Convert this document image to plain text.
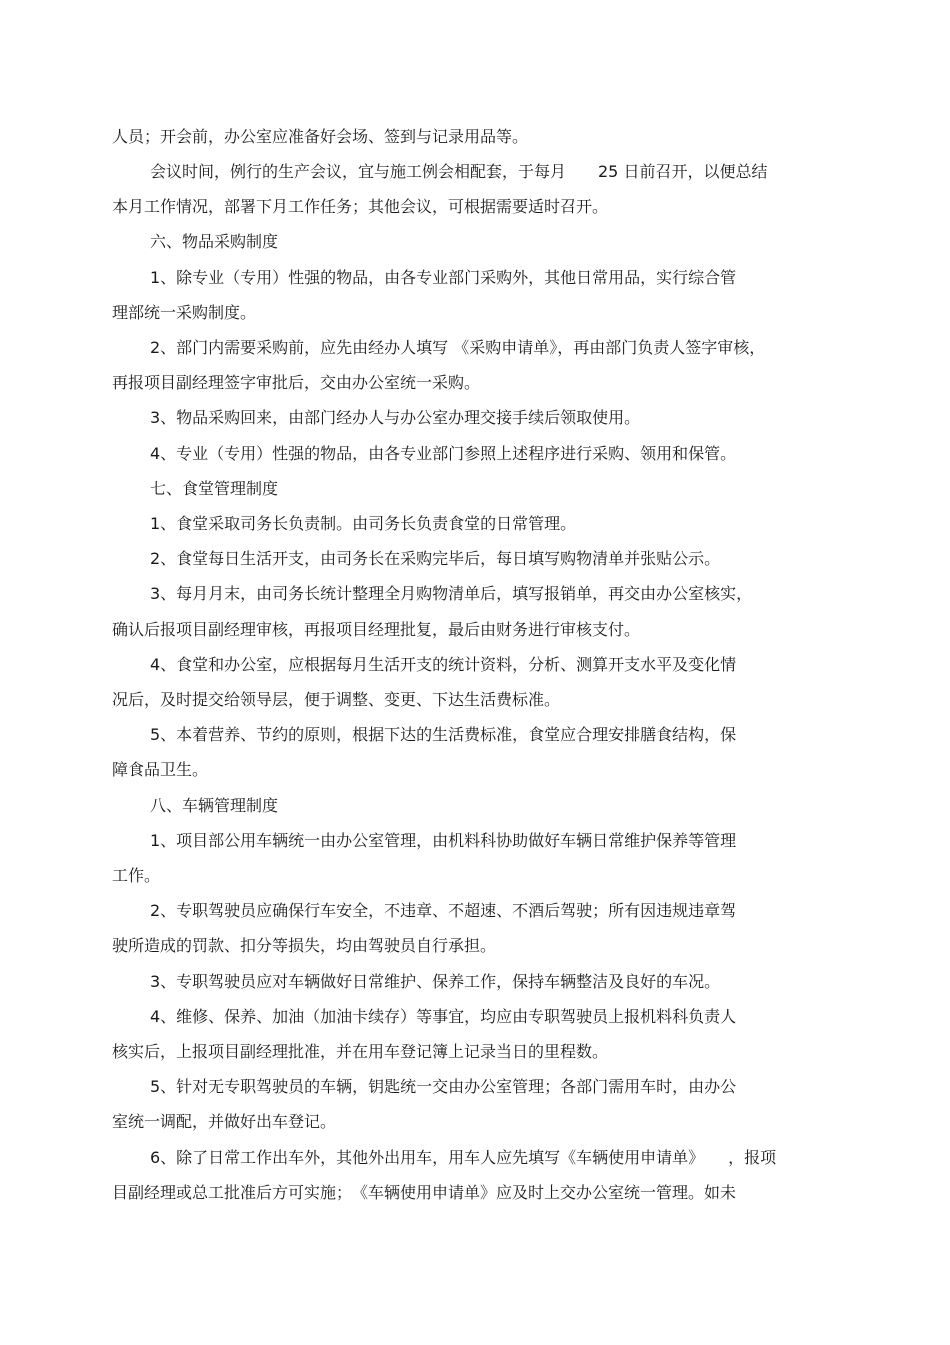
人员；开会前，办公室应准备好会场、签到与记录用品等。
会议时间，例行的生产会议，宜与施工例会相配套，于每月　　25 日前召开，以便总结
本月工作情况，部署下月工作任务；其他会议，可根据需要适时召开。
六、物品采购制度
1、除专业（专用）性强的物品，由各专业部门采购外，其他日常用品，实行综合管
理部统一采购制度。
2、部门内需要采购前，应先由经办人填写 《采购申请单》，再由部门负责人签字审核，
再报项目副经理签字审批后，交由办公室统一采购。
3、物品采购回来，由部门经办人与办公室办理交接手续后领取使用。
4、专业（专用）性强的物品，由各专业部门参照上述程序进行采购、领用和保管。
七、食堂管理制度
1、食堂采取司务长负责制。由司务长负责食堂的日常管理。
2、食堂每日生活开支，由司务长在采购完毕后，每日填写购物清单并张贴公示。
3、每月月末，由司务长统计整理全月购物清单后，填写报销单，再交由办公室核实，
确认后报项目副经理审核，再报项目经理批复，最后由财务进行审核支付。
4、食堂和办公室，应根据每月生活开支的统计资料，分析、测算开支水平及变化情
况后，及时提交给领导层，便于调整、变更、下达生活费标准。
5、本着营养、节约的原则，根据下达的生活费标准，食堂应合理安排膳食结构，保
障食品卫生。
八、车辆管理制度
1、项目部公用车辆统一由办公室管理，由机料科协助做好车辆日常维护保养等管理
工作。
2、专职驾驶员应确保行车安全，不违章、不超速、不酒后驾驶；所有因违规违章驾
驶所造成的罚款、扣分等损失，均由驾驶员自行承担。
3、专职驾驶员应对车辆做好日常维护、保养工作，保持车辆整洁及良好的车况。
4、维修、保养、加油（加油卡续存）等事宜，均应由专职驾驶员上报机料科负责人
核实后，上报项目副经理批准，并在用车登记簿上记录当日的里程数。
5、针对无专职驾驶员的车辆，钥匙统一交由办公室管理；各部门需用车时，由办公
室统一调配，并做好出车登记。
6、除了日常工作出车外，其他外出用车，用车人应先填写《车辆使用申请单》　　，报项
目副经理或总工批准后方可实施；　《车辆使用申请单》应及时上交办公室统一管理。如未
